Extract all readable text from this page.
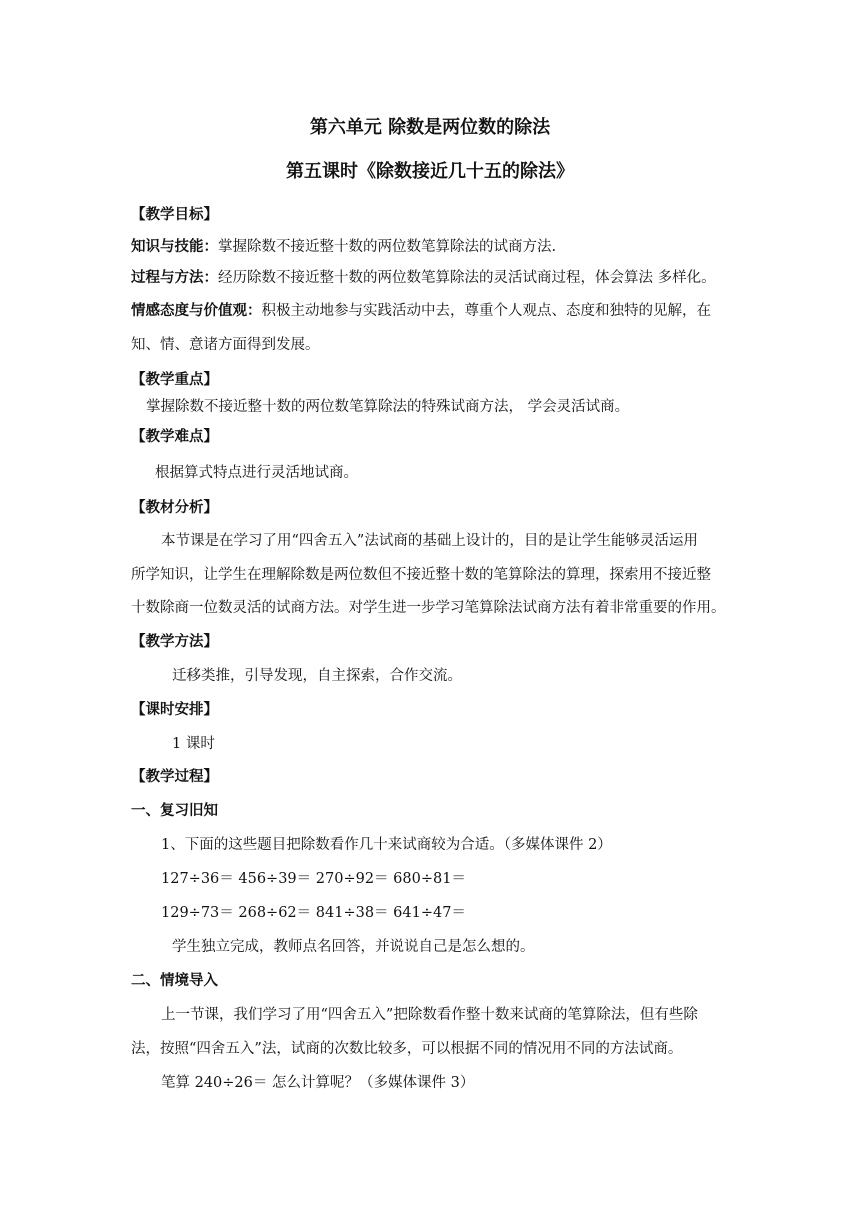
第六单元 除数是两位数的除法
第五课时《除数接近几十五的除法》
【教学目标】
知识与技能：掌握除数不接近整十数的两位数笔算除法的试商方法.
过程与方法：经历除数不接近整十数的两位数笔算除法的灵活试商过程，体会算法 多样化。
情感态度与价值观：积极主动地参与实践活动中去，尊重个人观点、态度和独特的见解，在
知、情、意诸方面得到发展。
【教学重点】
掌握除数不接近整十数的两位数笔算除法的特殊试商方法， 学会灵活试商。
【教学难点】
根据算式特点进行灵活地试商。
【教材分析】
本节课是在学习了用“四舍五入”法试商的基础上设计的，目的是让学生能够灵活运用
所学知识，让学生在理解除数是两位数但不接近整十数的笔算除法的算理，探索用不接近整
十数除商一位数灵活的试商方法。对学生进一步学习笔算除法试商方法有着非常重要的作用。
【教学方法】
迁移类推，引导发现，自主探索，合作交流。
【课时安排】
1 课时
【教学过程】
一、复习旧知
1、下面的这些题目把除数看作几十来试商较为合适。（多媒体课件 2）
127÷36＝ 456÷39＝ 270÷92＝ 680÷81＝
129÷73＝ 268÷62＝ 841÷38＝ 641÷47＝
学生独立完成，教师点名回答，并说说自己是怎么想的。
二、情境导入
上一节课，我们学习了用“四舍五入”把除数看作整十数来试商的笔算除法，但有些除
法，按照“四舍五入”法，试商的次数比较多，可以根据不同的情况用不同的方法试商。
笔算 240÷26＝ 怎么计算呢？（多媒体课件 3）
